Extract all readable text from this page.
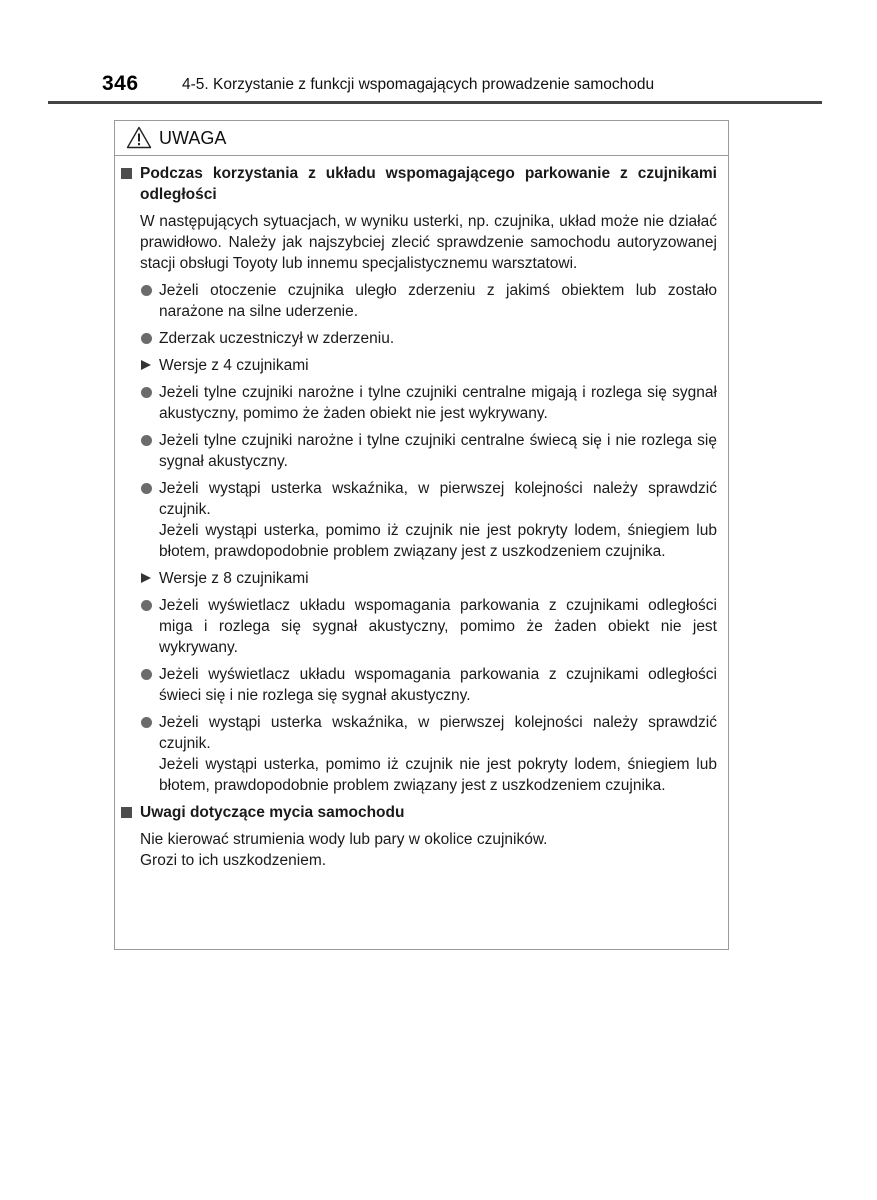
346	4-5. Korzystanie z funkcji wspomagających prowadzenie samochodu
UWAGA
Podczas korzystania z układu wspomagającego parkowanie z czujnikami odległości

W następujących sytuacjach, w wyniku usterki, np. czujnika, układ może nie działać prawidłowo. Należy jak najszybciej zlecić sprawdzenie samochodu autoryzowanej stacji obsługi Toyoty lub innemu specjalistycznemu warsztatowi.

Jeżeli otoczenie czujnika uległo zderzeniu z jakimś obiektem lub zostało narażone na silne uderzenie.

Zderzak uczestniczył w zderzeniu.

Wersje z 4 czujnikami

Jeżeli tylne czujniki narożne i tylne czujniki centralne migają i rozlega się sygnał akustyczny, pomimo że żaden obiekt nie jest wykrywany.

Jeżeli tylne czujniki narożne i tylne czujniki centralne świecą się i nie rozlega się sygnał akustyczny.

Jeżeli wystąpi usterka wskaźnika, w pierwszej kolejności należy sprawdzić czujnik.

Jeżeli wystąpi usterka, pomimo iż czujnik nie jest pokryty lodem, śniegiem lub błotem, prawdopodobnie problem związany jest z uszkodzeniem czujnika.

Wersje z 8 czujnikami

Jeżeli wyświetlacz układu wspomagania parkowania z czujnikami odległości miga i rozlega się sygnał akustyczny, pomimo że żaden obiekt nie jest wykrywany.

Jeżeli wyświetlacz układu wspomagania parkowania z czujnikami odległości świeci się i nie rozlega się sygnał akustyczny.

Jeżeli wystąpi usterka wskaźnika, w pierwszej kolejności należy sprawdzić czujnik.

Jeżeli wystąpi usterka, pomimo iż czujnik nie jest pokryty lodem, śniegiem lub błotem, prawdopodobnie problem związany jest z uszkodzeniem czujnika.

Uwagi dotyczące mycia samochodu

Nie kierować strumienia wody lub pary w okolice czujników.

Grozi to ich uszkodzeniem.
